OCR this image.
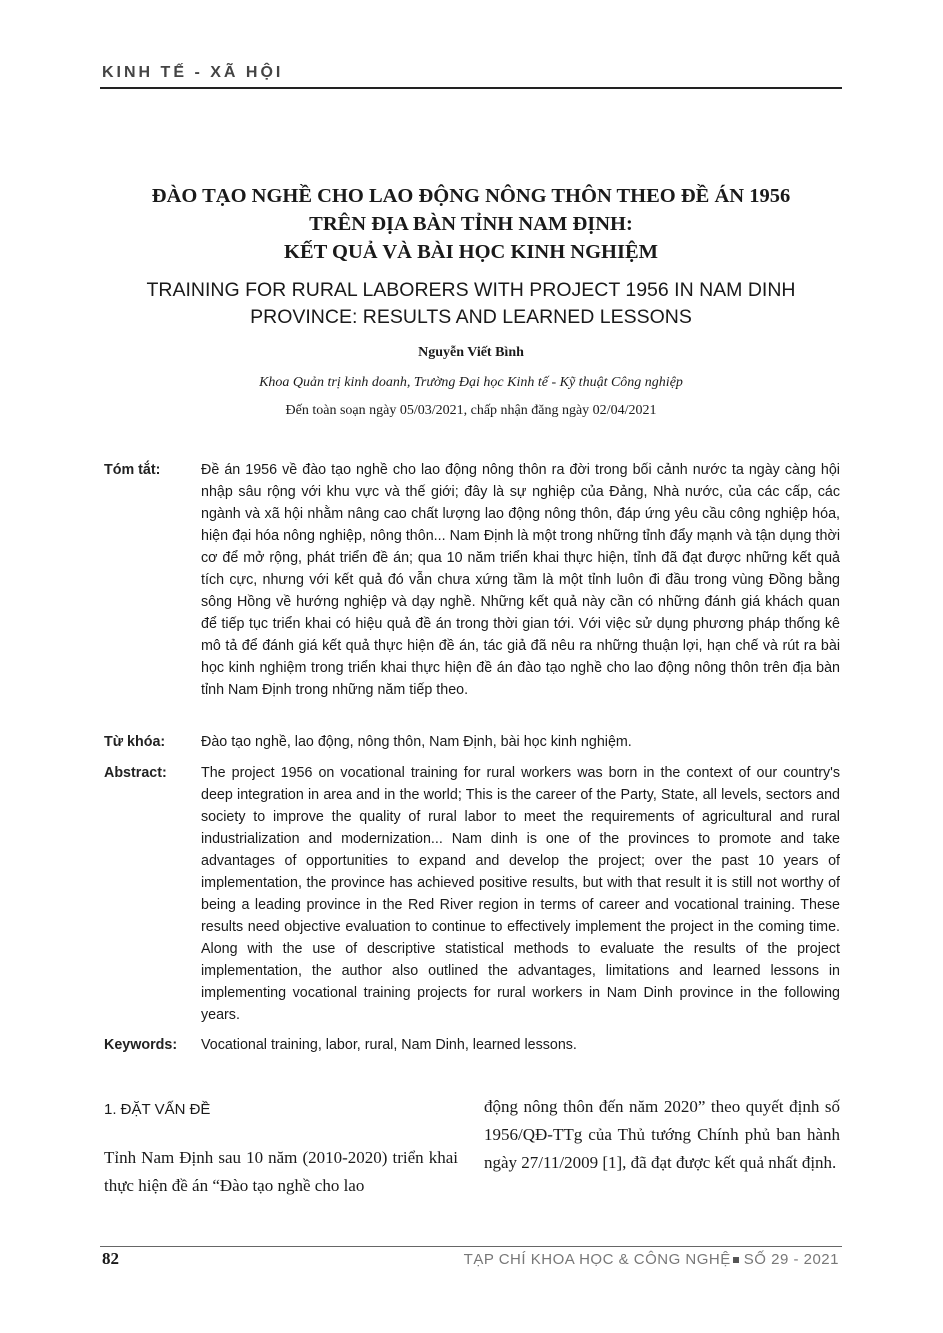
KINH TẾ - XÃ HỘI
ĐÀO TẠO NGHỀ CHO LAO ĐỘNG NÔNG THÔN THEO ĐỀ ÁN 1956
TRÊN ĐỊA BÀN TỈNH NAM ĐỊNH:
KẾT QUẢ VÀ BÀI HỌC KINH NGHIỆM
TRAINING FOR RURAL LABORERS WITH PROJECT 1956 IN NAM DINH
PROVINCE: RESULTS AND LEARNED LESSONS
Nguyễn Viết Bình
Khoa Quản trị kinh doanh, Trường Đại học Kinh tế - Kỹ thuật Công nghiệp
Đến toàn soạn ngày 05/03/2021, chấp nhận đăng ngày 02/04/2021
Tóm tắt:	Đề án 1956 về đào tạo nghề cho lao động nông thôn ra đời trong bối cảnh nước ta ngày càng hội nhập sâu rộng với khu vực và thế giới; đây là sự nghiệp của Đảng, Nhà nước, của các cấp, các ngành và xã hội nhằm nâng cao chất lượng lao động nông thôn, đáp ứng yêu cầu công nghiệp hóa, hiện đại hóa nông nghiệp, nông thôn... Nam Định là một trong những tỉnh đẩy mạnh và tận dụng thời cơ để mở rộng, phát triển đề án; qua 10 năm triển khai thực hiện, tỉnh đã đạt được những kết quả tích cực, nhưng với kết quả đó vẫn chưa xứng tầm là một tỉnh luôn đi đầu trong vùng Đồng bằng sông Hồng về hướng nghiệp và dạy nghề. Những kết quả này cần có những đánh giá khách quan để tiếp tục triển khai có hiệu quả đề án trong thời gian tới. Với việc sử dụng phương pháp thống kê mô tả để đánh giá kết quả thực hiện đề án, tác giả đã nêu ra những thuận lợi, hạn chế và rút ra bài học kinh nghiệm trong triển khai thực hiện đề án đào tạo nghề cho lao động nông thôn trên địa bàn tỉnh Nam Định trong những năm tiếp theo.
Từ khóa:	Đào tạo nghề, lao động, nông thôn, Nam Định, bài học kinh nghiệm.
Abstract: The project 1956 on vocational training for rural workers was born in the context of our country's deep integration in area and in the world; This is the career of the Party, State, all levels, sectors and society to improve the quality of rural labor to meet the requirements of agricultural and rural industrialization and modernization... Nam dinh is one of the provinces to promote and take advantages of opportunities to expand and develop the project; over the past 10 years of implementation, the province has achieved positive results, but with that result it is still not worthy of being a leading province in the Red River region in terms of career and vocational training. These results need objective evaluation to continue to effectively implement the project in the coming time. Along with the use of descriptive statistical methods to evaluate the results of the project implementation, the author also outlined the advantages, limitations and learned lessons in implementing vocational training projects for rural workers in Nam Dinh province in the following years.
Keywords: Vocational training, labor, rural, Nam Dinh, learned lessons.
1. ĐẶT VẤN ĐỀ
Tỉnh Nam Định sau 10 năm (2010-2020) triển khai thực hiện đề án “Đào tạo nghề cho lao
động nông thôn đến năm 2020” theo quyết định số 1956/QĐ-TTg của Thủ tướng Chính phủ ban hành ngày 27/11/2009 [1], đã đạt được kết quả nhất định.
82	TẠP CHÍ KHOA HỌC & CÔNG NGHỆ SỐ 29 - 2021
